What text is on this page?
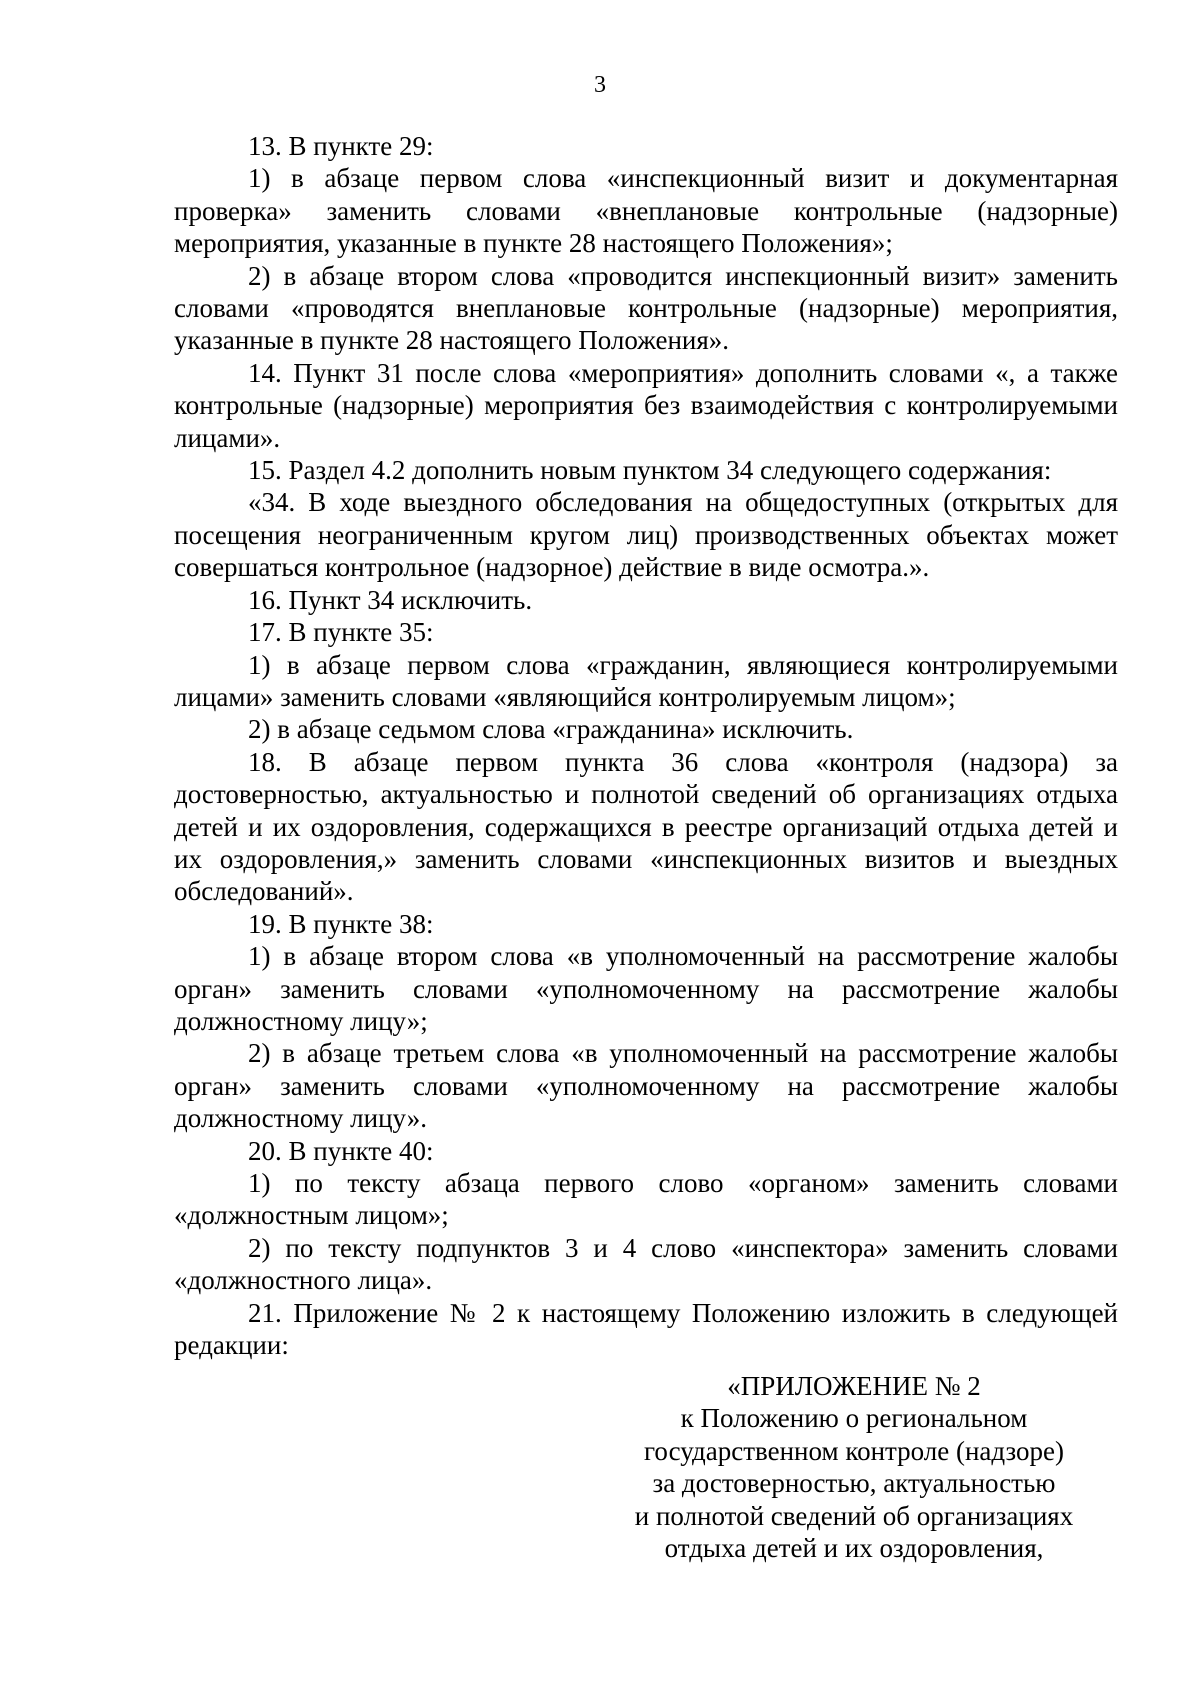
3

13. В пункте 29:

1) в абзаце первом слова «инспекционный визит и документарная проверка» заменить словами «внеплановые контрольные (надзорные) мероприятия, указанные в пункте 28 настоящего Положения»;

2) в абзаце втором слова «проводится инспекционный визит» заменить словами «проводятся внеплановые контрольные (надзорные) мероприятия, указанные в пункте 28 настоящего Положения».

14. Пункт 31 после слова «мероприятия» дополнить словами «, а также контрольные (надзорные) мероприятия без взаимодействия с контролируемыми лицами».

15. Раздел 4.2 дополнить новым пунктом 34 следующего содержания:

«34. В ходе выездного обследования на общедоступных (открытых для посещения неограниченным кругом лиц) производственных объектах может совершаться контрольное (надзорное) действие в виде осмотра.».

16. Пункт 34 исключить.

17. В пункте 35:

1) в абзаце первом слова «гражданин, являющиеся контролируемыми лицами» заменить словами «являющийся контролируемым лицом»;

2) в абзаце седьмом слова «гражданина» исключить.

18. В абзаце первом пункта 36 слова «контроля (надзора) за достоверностью, актуальностью и полнотой сведений об организациях отдыха детей и их оздоровления, содержащихся в реестре организаций отдыха детей и их оздоровления,» заменить словами «инспекционных визитов и выездных обследований».

19. В пункте 38:

1) в абзаце втором слова «в уполномоченный на рассмотрение жалобы орган» заменить словами «уполномоченному на рассмотрение жалобы должностному лицу»;

2) в абзаце третьем слова «в уполномоченный на рассмотрение жалобы орган» заменить словами «уполномоченному на рассмотрение жалобы должностному лицу».

20. В пункте 40:

1) по тексту абзаца первого слово «органом» заменить словами «должностным лицом»;

2) по тексту подпунктов 3 и 4 слово «инспектора» заменить словами «должностного лица».

21. Приложение № 2 к настоящему Положению изложить в следующей редакции:

«ПРИЛОЖЕНИЕ № 2
к Положению о региональном
государственном контроле (надзоре)
за достоверностью, актуальностью
и полнотой сведений об организациях
отдыха детей и их оздоровления,
